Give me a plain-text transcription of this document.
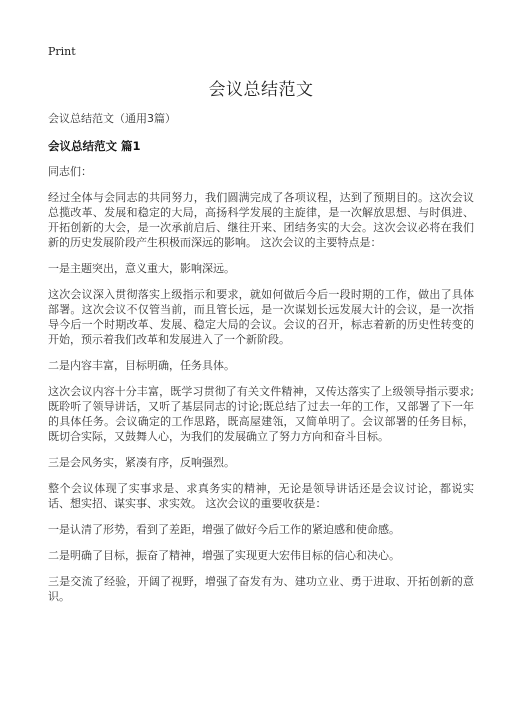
Print
会议总结范文
会议总结范文（通用3篇）
会议总结范文 篇1

同志们：

经过全体与会同志的共同努力，我们圆满完成了各项议程，达到了预期目的。这次会议总揽改革、发展和稳定的大局，高扬科学发展的主旋律，是一次解放思想、与时俱进、开拓创新的大会，是一次承前启后、继往开来、团结务实的大会。这次会议必将在我们新的历史发展阶段产生积极而深远的影响。 这次会议的主要特点是：

一是主题突出，意义重大，影响深远。

这次会议深入贯彻落实上级指示和要求，就如何做后今后一段时期的工作，做出了具体部署。这次会议不仅管当前，而且管长远，是一次谋划长远发展大计的会议，是一次指导今后一个时期改革、发展、稳定大局的会议。会议的召开，标志着新的历史性转变的开始，预示着我们改革和发展进入了一个新阶段。

二是内容丰富，目标明确，任务具体。

这次会议内容十分丰富，既学习贯彻了有关文件精神，又传达落实了上级领导指示要求;既聆听了领导讲话，又听了基层同志的讨论;既总结了过去一年的工作，又部署了下一年的具体任务。会议确定的工作思路，既高屋建瓴，又简单明了。会议部署的任务目标，既切合实际，又鼓舞人心，为我们的发展确立了努力方向和奋斗目标。

三是会风务实，紧凑有序，反响强烈。

整个会议体现了实事求是、求真务实的精神，无论是领导讲话还是会议讨论，都说实话、想实招、谋实事、求实效。 这次会议的重要收获是：

一是认清了形势，看到了差距，增强了做好今后工作的紧迫感和使命感。

二是明确了目标，振奋了精神，增强了实现更大宏伟目标的信心和决心。

三是交流了经验，开阔了视野，增强了奋发有为、建功立业、勇于进取、开拓创新的意识。
